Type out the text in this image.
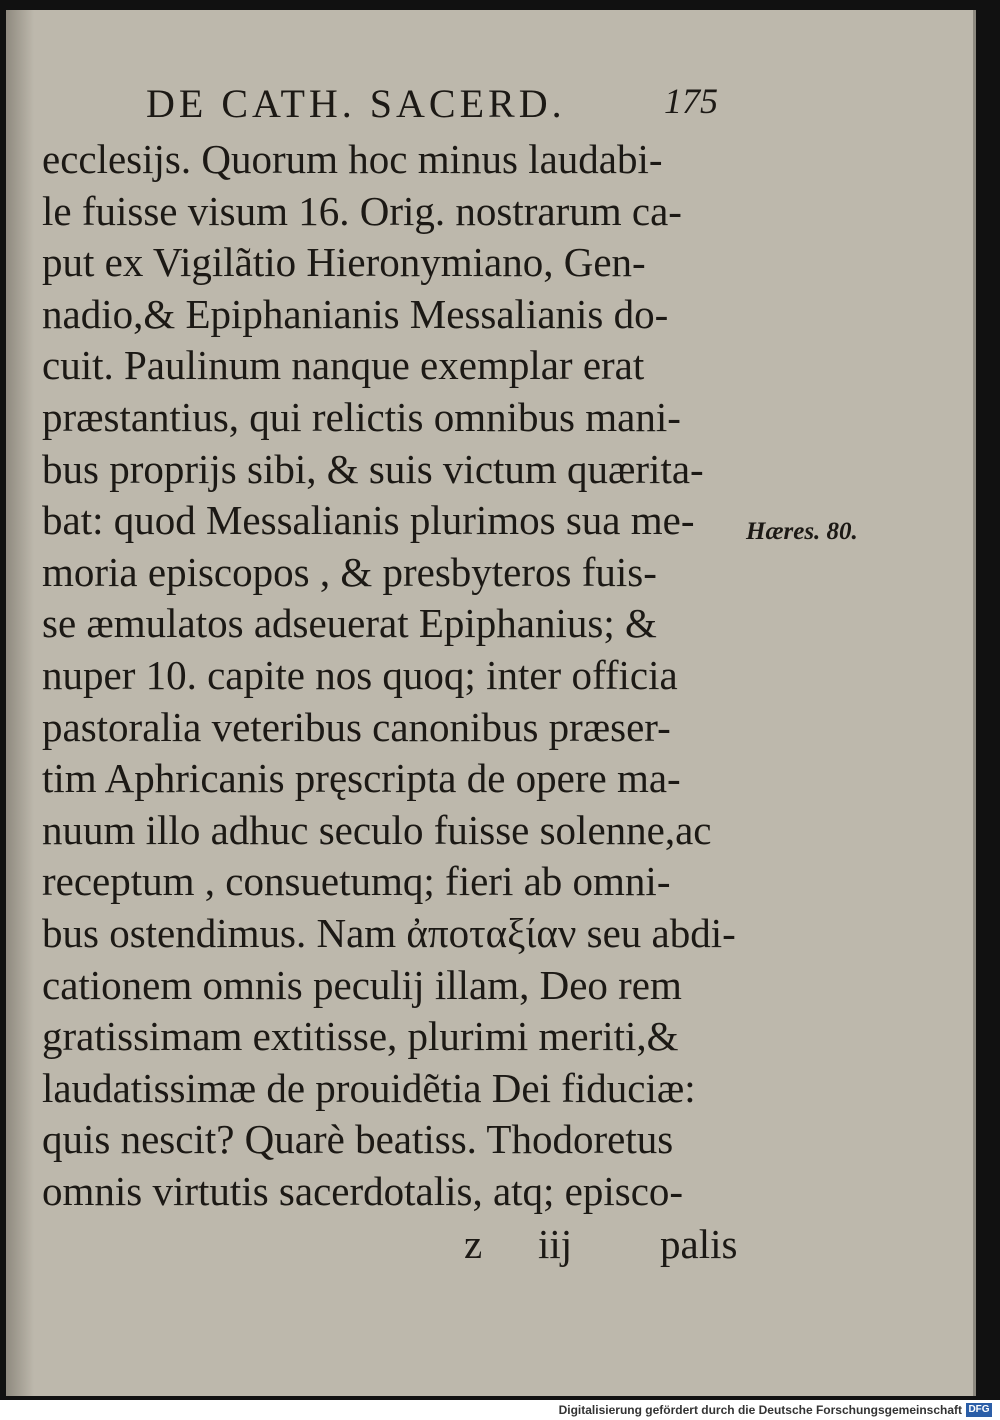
DE CATH. SACERD.	175
ecclesijs. Quorum hoc minus laudabi-
le fuisse visum 16. Orig. nostrarum ca-
put ex Vigilãtio Hieronymiano, Gen-
nadio,& Epiphanianis Messalianis do-
cuit. Paulinum nanque exemplar erat
præstantius, qui relictis omnibus mani-
bus proprijs sibi, & suis victum quærita-
bat: quod Messalianis plurimos sua me-
moria episcopos , & presbyteros fuis-
se æmulatos adseuerat Epiphanius; &
nuper 10. capite nos quoq; inter officia
pastoralia veteribus canonibus præser-
tim Aphricanis pręscripta de opere ma-
nuum illo adhuc seculo fuisse solenne,ac
receptum , consuetumq; fieri ab omni-
bus ostendimus. Nam ἀποταξίαν seu abdi-
cationem omnis peculij illam, Deo rem
gratissimam extitisse, plurimi meriti,&
laudatissimæ de prouidẽtia Dei fiduciæ:
quis nescit? Quarè beatiss. Thodoretus
omnis virtutis sacerdotalis, atq; episco-
Hæres. 80.
z iij palis
Digitalisierung gefördert durch die Deutsche Forschungsgemeinschaft DFG
